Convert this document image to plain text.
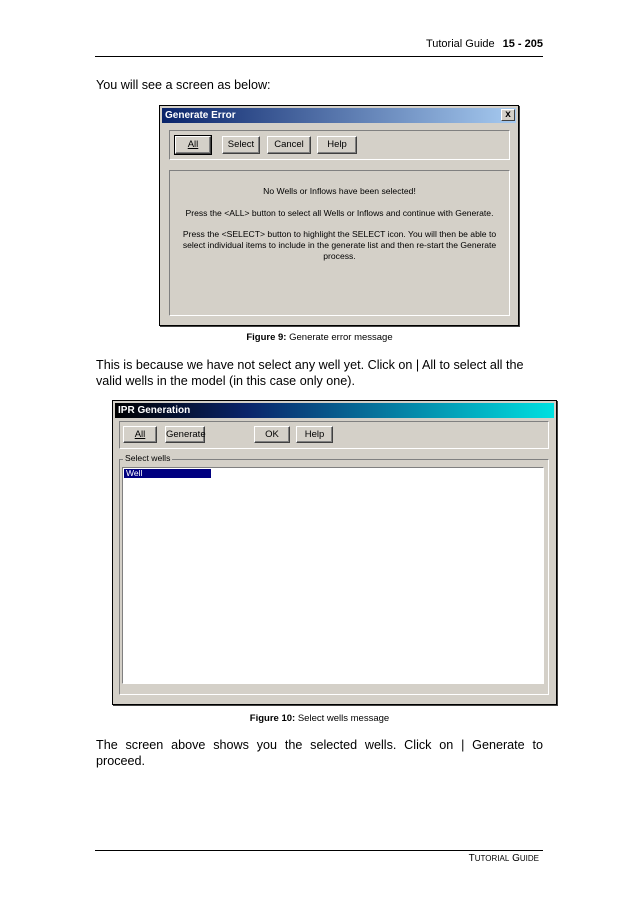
Tutorial Guide 15 - 205
You will see a screen as below:
Generate Error	x
All	Select	Cancel	Help
No Wells or Inflows have been selected!
Press the <ALL> button to select all Wells or Inflows and continue with Generate.
Press the <SELECT> button to highlight the SELECT icon. You will then be able to
select individual items to include in the generate list and then re-start the Generate
process.
Figure 9: Generate error message
This is because we have not select any well yet. Click on | All to select all the valid wells in the model (in this case only one).
IPR Generation
All	Generate	OK	Help
Select wells
Well
Figure 10: Select wells message
The screen above shows you the selected wells. Click on | Generate to proceed.
TUTORIAL GUIDE
